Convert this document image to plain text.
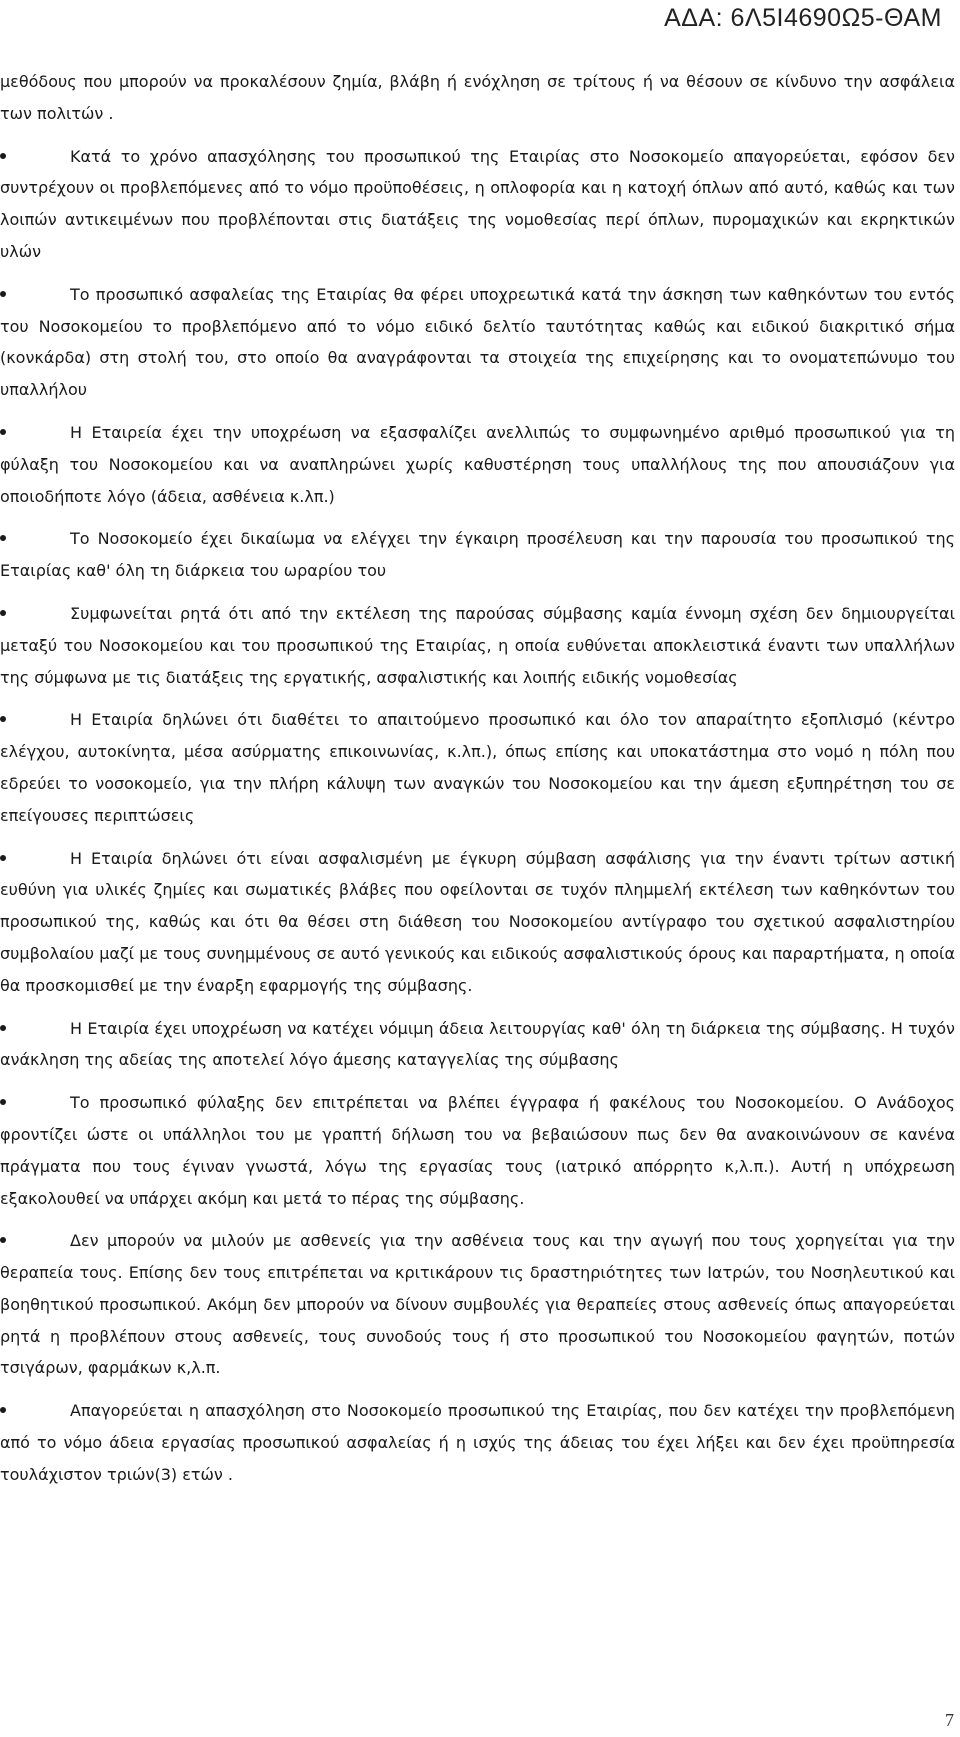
ΑΔΑ: 6Λ5Ι4690Ω5-ΘΑΜ

μεθόδους που μπορούν να προκαλέσουν ζημία, βλάβη ή ενόχληση σε τρίτους ή να θέσουν σε κίνδυνο την ασφάλεια των πολιτών .

Κατά το χρόνο απασχόλησης του προσωπικού της Εταιρίας στο Νοσοκομείο απαγορεύεται, εφόσον δεν συντρέχουν οι προβλεπόμενες από το νόμο προϋποθέσεις, η οπλοφορία και η κατοχή όπλων από αυτό, καθώς και των λοιπών αντικειμένων που προβλέπονται στις διατάξεις της νομοθεσίας περί όπλων, πυρομαχικών και εκρηκτικών υλών

Το προσωπικό ασφαλείας της Εταιρίας θα φέρει υποχρεωτικά κατά την άσκηση των καθηκόντων του εντός του Νοσοκομείου το προβλεπόμενο από το νόμο ειδικό δελτίο ταυτότητας καθώς και ειδικού διακριτικό σήμα (κονκάρδα) στη στολή του, στο οποίο θα αναγράφονται τα στοιχεία της επιχείρησης και το ονοματεπώνυμο του υπαλλήλου

Η Εταιρεία έχει την υποχρέωση να εξασφαλίζει ανελλιπώς το συμφωνημένο αριθμό προσωπικού για τη φύλαξη του Νοσοκομείου και να αναπληρώνει χωρίς καθυστέρηση τους υπαλλήλους της που απουσιάζουν για οποιοδήποτε λόγο (άδεια, ασθένεια κ.λπ.)

Το Νοσοκομείο έχει δικαίωμα να ελέγχει την έγκαιρη προσέλευση και την παρουσία του προσωπικού της Εταιρίας καθ' όλη τη διάρκεια του ωραρίου του

Συμφωνείται ρητά ότι από την εκτέλεση της παρούσας σύμβασης καμία έννομη σχέση δεν δημιουργείται μεταξύ του Νοσοκομείου και του προσωπικού της Εταιρίας, η οποία ευθύνεται αποκλειστικά έναντι των υπαλλήλων της σύμφωνα με τις διατάξεις της εργατικής, ασφαλιστικής και λοιπής ειδικής νομοθεσίας

Η Εταιρία δηλώνει ότι διαθέτει το απαιτούμενο προσωπικό και όλο τον απαραίτητο εξοπλισμό (κέντρο ελέγχου, αυτοκίνητα, μέσα ασύρματης επικοινωνίας, κ.λπ.), όπως επίσης και υποκατάστημα στο νομό η πόλη που εδρεύει το νοσοκομείο, για την πλήρη κάλυψη των αναγκών του Νοσοκομείου και την άμεση εξυπηρέτηση του σε επείγουσες περιπτώσεις

Η Εταιρία δηλώνει ότι είναι ασφαλισμένη με έγκυρη σύμβαση ασφάλισης για την έναντι τρίτων αστική ευθύνη για υλικές ζημίες και σωματικές βλάβες που οφείλονται σε τυχόν πλημμελή εκτέλεση των καθηκόντων του προσωπικού της, καθώς και ότι θα θέσει στη διάθεση του Νοσοκομείου αντίγραφο του σχετικού ασφαλιστηρίου συμβολαίου μαζί με τους συνημμένους σε αυτό γενικούς και ειδικούς ασφαλιστικούς όρους και παραρτήματα, η οποία θα προσκομισθεί με την έναρξη εφαρμογής της σύμβασης.

Η Εταιρία έχει υποχρέωση να κατέχει νόμιμη άδεια λειτουργίας καθ' όλη τη διάρκεια της σύμβασης. Η τυχόν ανάκληση της αδείας της αποτελεί λόγο άμεσης καταγγελίας της σύμβασης

Το προσωπικό φύλαξης δεν επιτρέπεται να βλέπει έγγραφα ή φακέλους του Νοσοκομείου. Ο Ανάδοχος φροντίζει ώστε οι υπάλληλοι του με γραπτή δήλωση του να βεβαιώσουν πως δεν θα ανακοινώνουν σε κανένα πράγματα που τους έγιναν γνωστά, λόγω της εργασίας τους (ιατρικό απόρρητο κ,λ.π.). Αυτή η υπόχρεωση εξακολουθεί να υπάρχει ακόμη και μετά το πέρας της σύμβασης.

Δεν μπορούν να μιλούν με ασθενείς για την ασθένεια τους και την αγωγή που τους χορηγείται για την θεραπεία τους. Επίσης δεν τους επιτρέπεται να κριτικάρουν τις δραστηριότητες των Ιατρών, του Νοσηλευτικού και βοηθητικού προσωπικού. Ακόμη δεν μπορούν να δίνουν συμβουλές για θεραπείες στους ασθενείς όπως απαγορεύεται ρητά η προβλέπουν στους ασθενείς, τους συνοδούς τους ή στο προσωπικού του Νοσοκομείου φαγητών, ποτών τσιγάρων, φαρμάκων κ,λ.π.

Απαγορεύεται η απασχόληση στο Νοσοκομείο προσωπικού της Εταιρίας, που δεν κατέχει την προβλεπόμενη από το νόμο άδεια εργασίας προσωπικού ασφαλείας ή η ισχύς της άδειας του έχει λήξει και δεν έχει προϋπηρεσία τουλάχιστον τριών(3) ετών .

7
